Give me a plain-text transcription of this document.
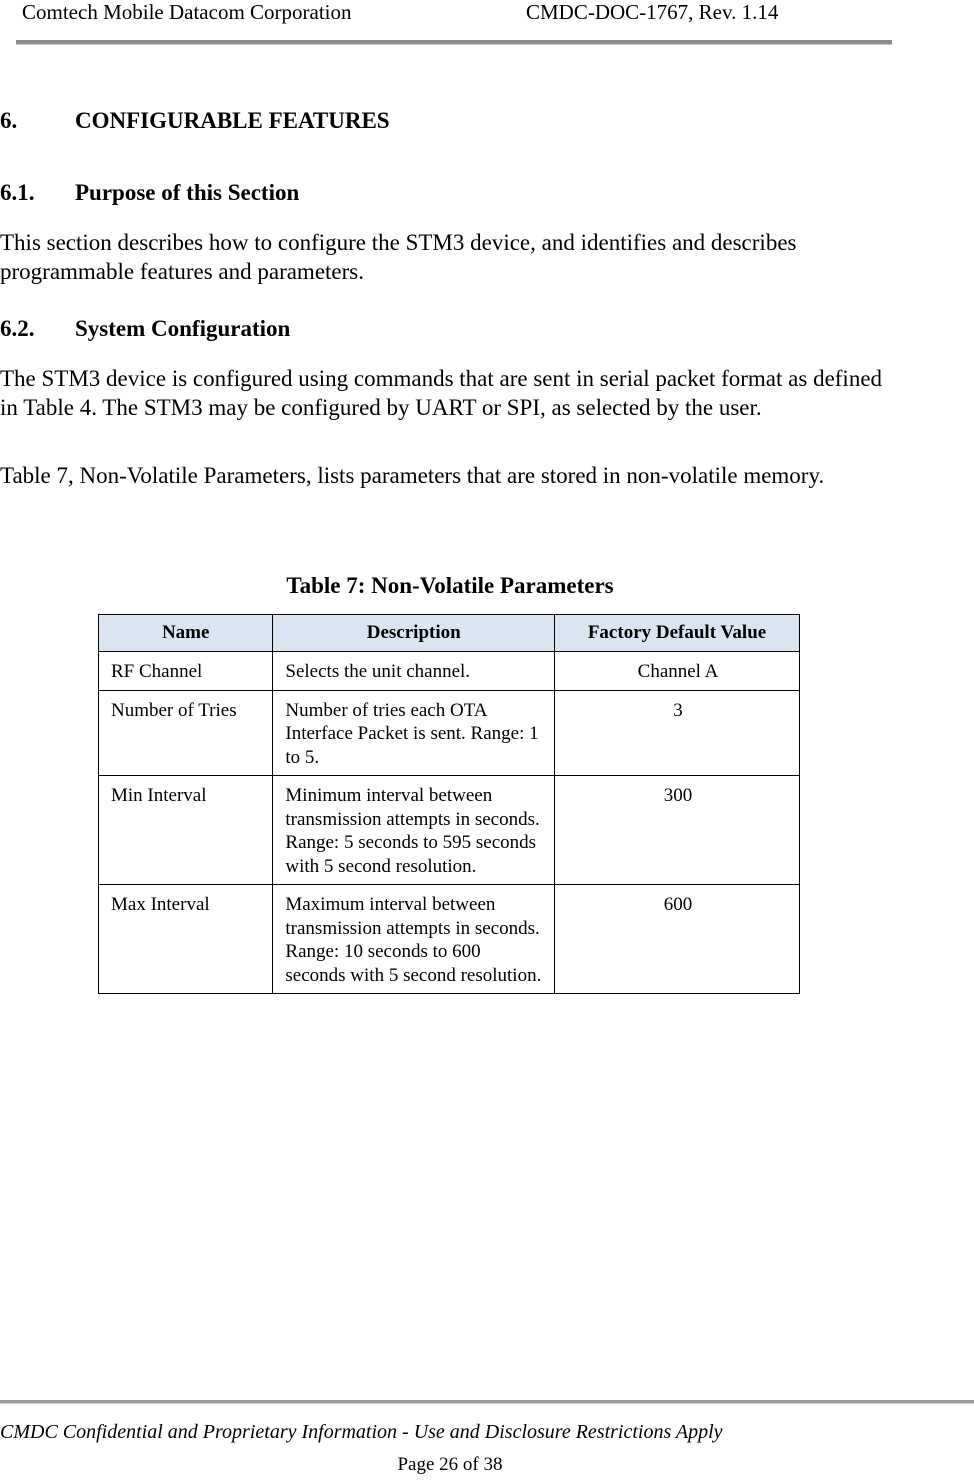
Comtech Mobile Datacom Corporation	CMDC-DOC-1767, Rev. 1.14
6.	CONFIGURABLE FEATURES
6.1. Purpose of this Section
This section describes how to configure the STM3 device, and identifies and describes programmable features and parameters.
6.2. System Configuration
The STM3 device is configured using commands that are sent in serial packet format as defined in Table 4. The STM3 may be configured by UART or SPI, as selected by the user.
Table 7, Non-Volatile Parameters, lists parameters that are stored in non-volatile memory.
Table 7: Non-Volatile Parameters
Name	Description	Factory Default Value
RF Channel	Selects the unit channel.	Channel A
Number of Tries	Number of tries each OTA Interface Packet is sent. Range: 1 to 5.	3
Min Interval	Minimum interval between transmission attempts in seconds. Range: 5 seconds to 595 seconds with 5 second resolution.	300
Max Interval	Maximum interval between transmission attempts in seconds. Range: 10 seconds to 600 seconds with 5 second resolution.	600
CMDC Confidential and Proprietary Information - Use and Disclosure Restrictions Apply
Page 26 of 38
